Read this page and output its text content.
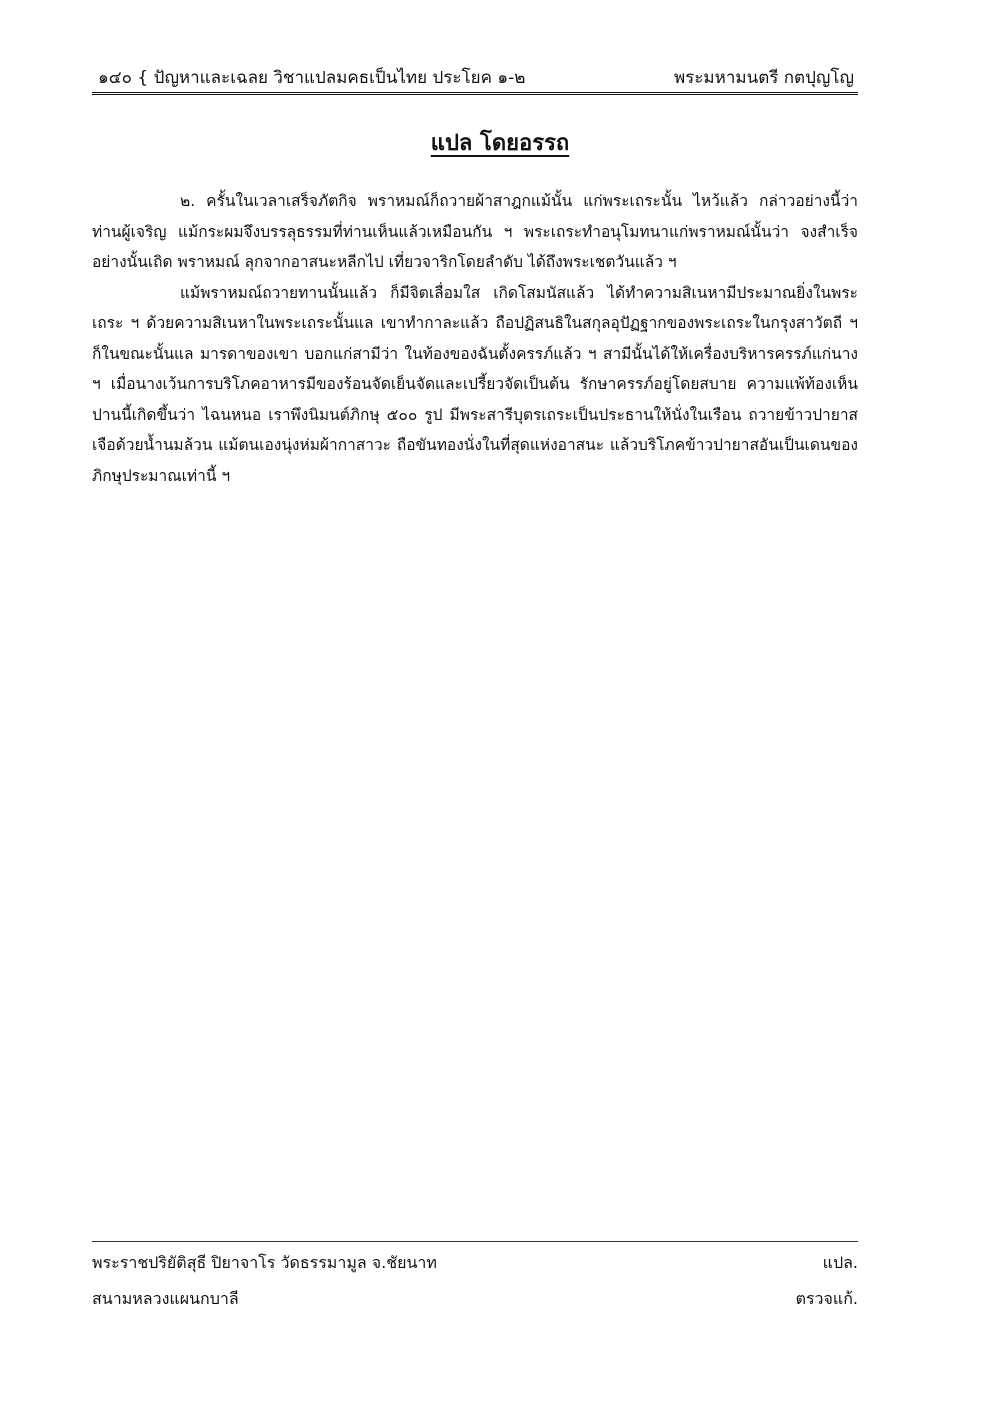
๑๔๐ { ปัญหาและเฉลย วิชาแปลมคธเป็นไทย ประโยค ๑-๒	พระมหามนตรี กตปุญโญ
แปล โดยอรรถ

๒. ครั้นในเวลาเสร็จภัตกิจ พราหมณ์ก็ถวายผ้าสาฎกแม้นั้น แก่พระเถระนั้น ไหว้แล้ว กล่าวอย่างนี้ว่า ท่านผู้เจริญ แม้กระผมจึงบรรลุธรรมที่ท่านเห็นแล้วเหมือนกัน ฯ พระเถระทำอนุโมทนาแก่พราหมณ์นั้นว่า จงสำเร็จอย่างนั้นเถิด พราหมณ์ ลุกจากอาสนะหลีกไป เที่ยวจาริกโดยลำดับ ได้ถึงพระเชตวันแล้ว ฯ

แม้พราหมณ์ถวายทานนั้นแล้ว ก็มีจิตเลื่อมใส เกิดโสมนัสแล้ว ได้ทำความสิเนหามีประมาณยิ่งในพระเถระ ฯ ด้วยความสิเนหาในพระเถระนั้นแล เขาทำกาละแล้ว ถือปฏิสนธิในสกุลอุปัฏฐากของพระเถระในกรุงสาวัตถี ฯ ก็ในขณะนั้นแล มารดาของเขา บอกแก่สามีว่า ในท้องของฉันตั้งครรภ์แล้ว ฯ สามีนั้นได้ให้เครื่องบริหารครรภ์แก่นาง ฯ เมื่อนางเว้นการบริโภคอาหารมีของร้อนจัดเย็นจัดและเปรี้ยวจัดเป็นต้น รักษาครรภ์อยู่โดยสบาย ความแพ้ท้องเห็นปานนี้เกิดขึ้นว่า ไฉนหนอ เราพึงนิมนต์ภิกษุ ๕๐๐ รูป มีพระสารีบุตรเถระเป็นประธานให้นั่งในเรือน ถวายข้าวปายาสเจือด้วยน้ำนมล้วน แม้ตนเองนุ่งห่มผ้ากาสาวะ ถือขันทองนั่งในที่สุดแห่งอาสนะ แล้วบริโภคข้าวปายาสอันเป็นเดนของภิกษุประมาณเท่านี้ ฯ

พระราชปริยัติสุธี ปิยาจาโร วัดธรรมามูล จ.ชัยนาท	แปล.
สนามหลวงแผนกบาลี	ตรวจแก้.
